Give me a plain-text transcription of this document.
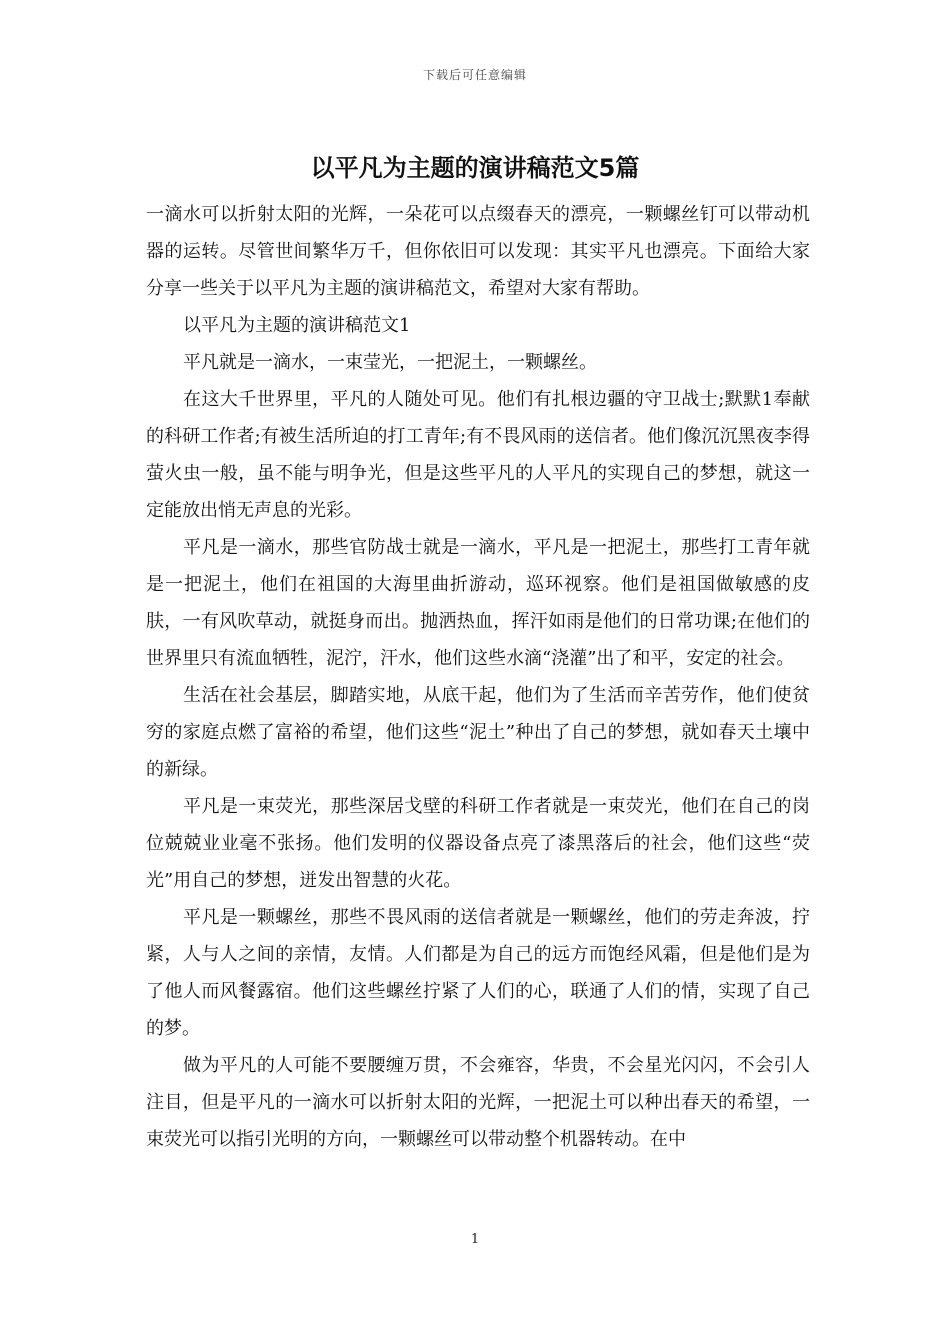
下载后可任意编辑
以平凡为主题的演讲稿范文5篇

一滴水可以折射太阳的光辉，一朵花可以点缀春天的漂亮，一颗螺丝钉可以带动机器的运转。尽管世间繁华万千，但你依旧可以发现：其实平凡也漂亮。下面给大家分享一些关于以平凡为主题的演讲稿范文，希望对大家有帮助。

以平凡为主题的演讲稿范文1

平凡就是一滴水，一束莹光，一把泥土，一颗螺丝。

在这大千世界里，平凡的人随处可见。他们有扎根边疆的守卫战士;默默1奉献的科研工作者;有被生活所迫的打工青年;有不畏风雨的送信者。他们像沉沉黑夜李得萤火虫一般，虽不能与明争光，但是这些平凡的人平凡的实现自己的梦想，就这一定能放出悄无声息的光彩。

平凡是一滴水，那些官防战士就是一滴水，平凡是一把泥土，那些打工青年就是一把泥土，他们在祖国的大海里曲折游动，巡环视察。他们是祖国做敏感的皮肤，一有风吹草动，就挺身而出。抛洒热血，挥汗如雨是他们的日常功课;在他们的世界里只有流血牺牲，泥泞，汗水，他们这些水滴“浇灌”出了和平，安定的社会。

生活在社会基层，脚踏实地，从底干起，他们为了生活而辛苦劳作，他们使贫穷的家庭点燃了富裕的希望，他们这些“泥土”种出了自己的梦想，就如春天土壤中的新绿。

平凡是一束荧光，那些深居戈壁的科研工作者就是一束荧光，他们在自己的岗位兢兢业业毫不张扬。他们发明的仪器设备点亮了漆黑落后的社会，他们这些“荧光”用自己的梦想，迸发出智慧的火花。

平凡是一颗螺丝，那些不畏风雨的送信者就是一颗螺丝，他们的劳走奔波，拧紧，人与人之间的亲情，友情。人们都是为自己的远方而饱经风霜，但是他们是为了他人而风餐露宿。他们这些螺丝拧紧了人们的心，联通了人们的情，实现了自己的梦。

做为平凡的人可能不要腰缠万贯，不会雍容，华贵，不会星光闪闪，不会引人注目，但是平凡的一滴水可以折射太阳的光辉，一把泥土可以种出春天的希望，一束荧光可以指引光明的方向，一颗螺丝可以带动整个机器转动。在中

1
